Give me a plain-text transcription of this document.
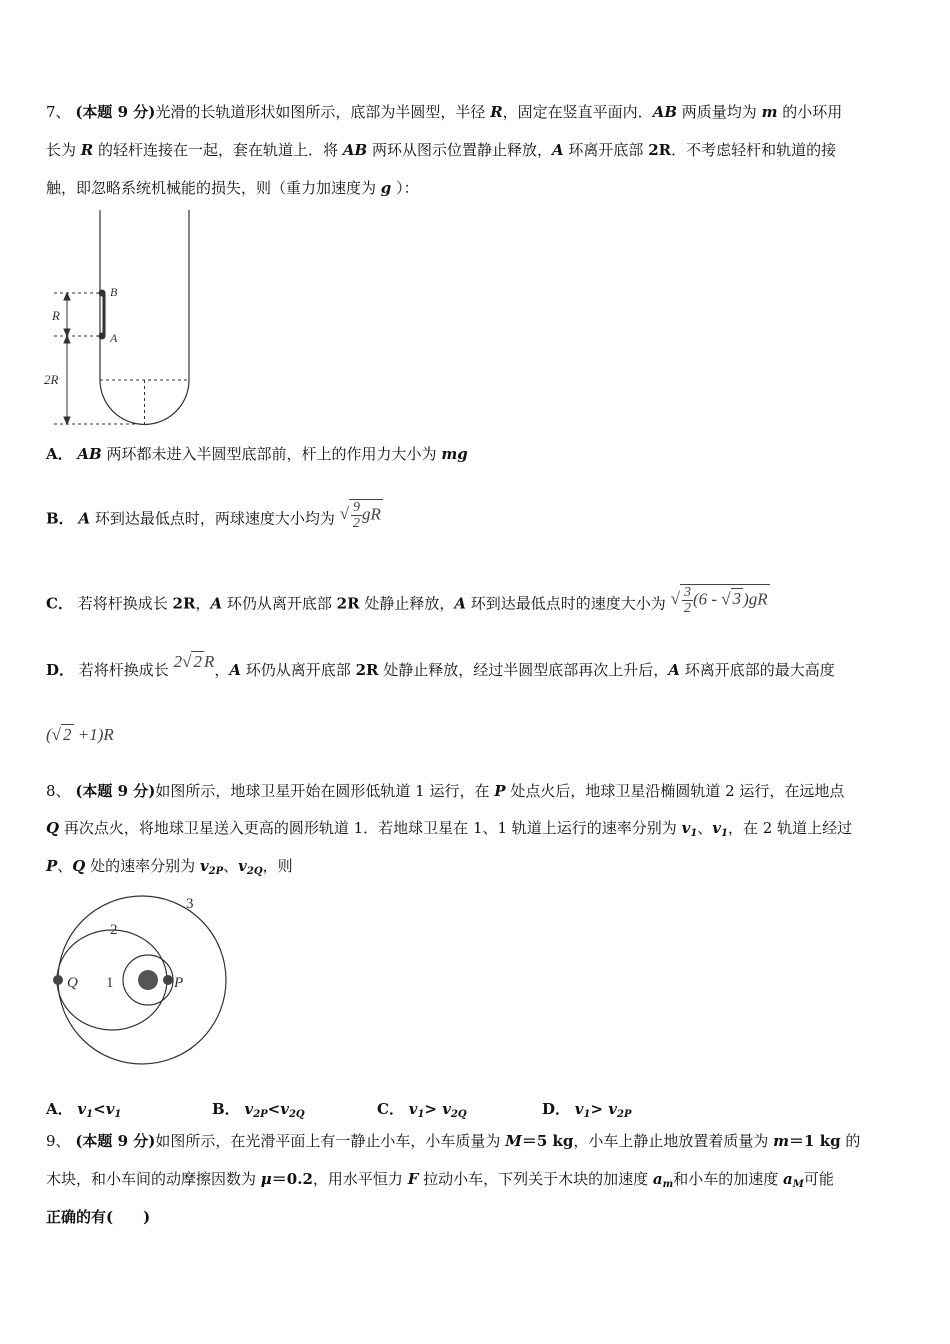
7、 (本题 9 分)光滑的长轨道形状如图所示，底部为半圆型，半径 R，固定在竖直平面内．AB 两质量均为 m 的小环用
长为 R 的轻杆连接在一起，套在轨道上．将 AB 两环从图示位置静止释放，A 环离开底部 2R．不考虑轻杆和轨道的接
触，即忽略系统机械能的损失，则（重力加速度为 g ）：
B
A
R
2R
A． AB 两环都未进入半圆型底部前，杆上的作用力大小为 mg
B． A 环到达最低点时，两球速度大小均为 √ $\frac{9}{2}$ gR
C． 若将杆换成长 2R，A 环仍从离开底部 2R 处静止释放，A 环到达最低点时的速度大小为 √ $\frac{3}{2} (6$ - √ 3 )gR
D． 若将杆换成长 2√ 2 R，A 环仍从离开底部 2R 处静止释放，经过半圆型底部再次上升后，A 环离开底部的最大高度
(√ 2 +1)R
8、 (本题 9 分)如图所示，地球卫星开始在圆形低轨道 1 运行，在 P 处点火后，地球卫星沿椭圆轨道 2 运行，在远地点
Q 再次点火，将地球卫星送入更高的圆形轨道 1．若地球卫星在 1、1 轨道上运行的速率分别为 $v_1$、$v_1$，在 2 轨道上经过
P、Q 处的速率分别为 $v_{2P}$、$v_{2Q}$，则
3
2
1
Q	P
A． $v_1<v_1$	B． $v_{2P}<v_{2Q}$	C． $v_1> v_{2Q}$	D． $v_1> v_{2P}$
9、 (本题 9 分)如图所示，在光滑平面上有一静止小车，小车质量为 M＝5 kg，小车上静止地放置着质量为 m＝1 kg 的
木块，和小车间的动摩擦因数为 μ＝0.2，用水平恒力 F 拉动小车，下列关于木块的加速度 $a_m$和小车的加速度 $a_M$可能
正确的有(　　)
